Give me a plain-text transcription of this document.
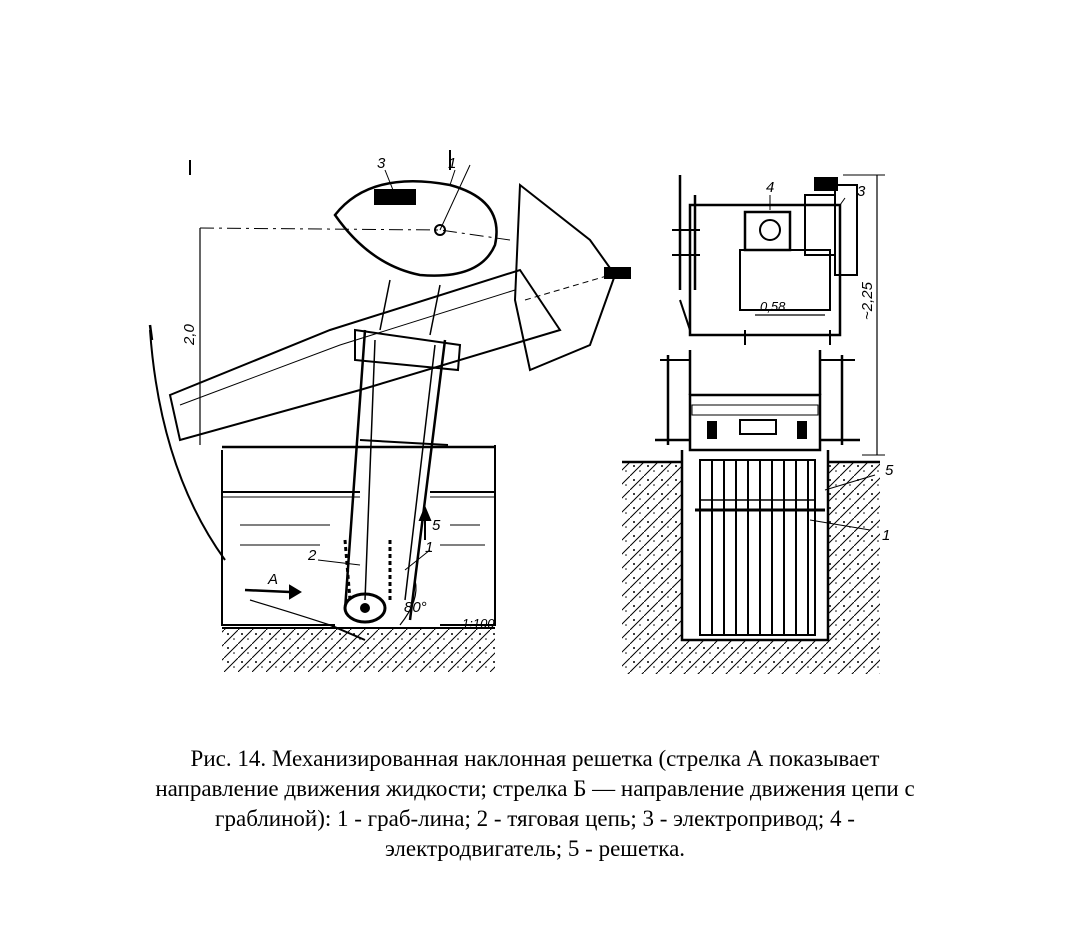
3	1
2	1
5
A
80°
1:100
2,0
4	3
0,58	~2,25
5
1
Рис. 14. Механизированная наклонная решетка (стрелка А показывает
направление движения жидкости; стрелка Б — направление движения цепи с
граблиной): 1 - граб-лина; 2 - тяговая цепь; 3 - электропривод; 4 -
электродвигатель; 5 - решетка.
